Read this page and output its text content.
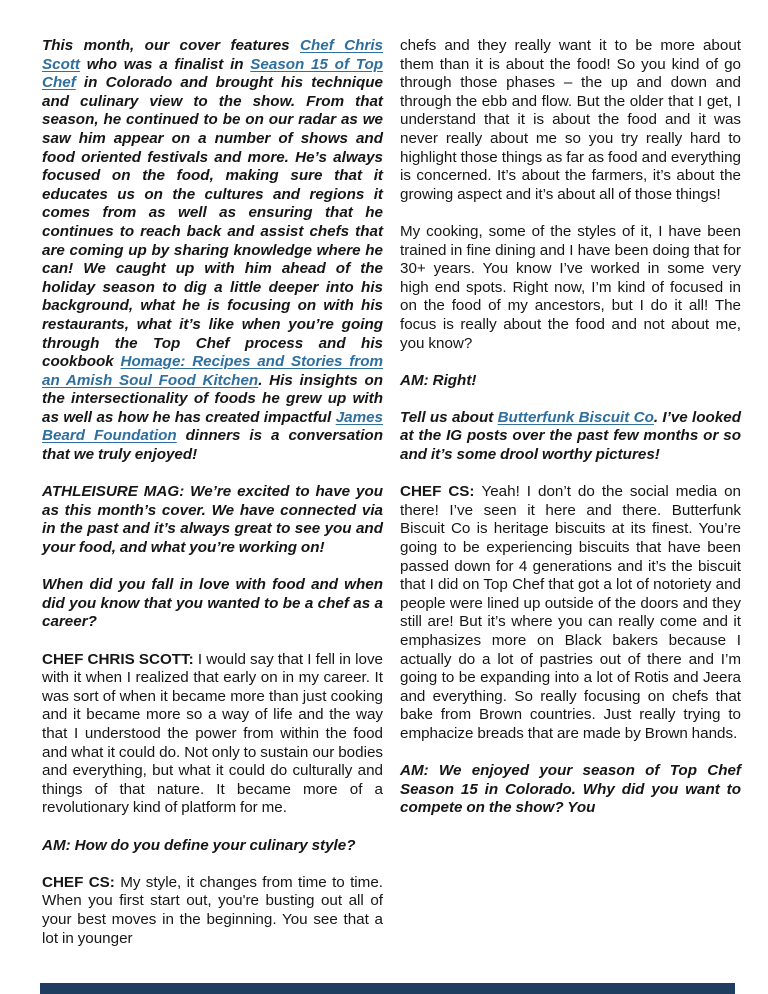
This month, our cover features Chef Chris Scott who was a finalist in Season 15 of Top Chef in Colorado and brought his technique and culinary view to the show. From that season, he continued to be on our radar as we saw him appear on a number of shows and food oriented festivals and more. He’s always focused on the food, making sure that it educates us on the cultures and regions it comes from as well as ensuring that he continues to reach back and assist chefs that are coming up by sharing knowledge where he can! We caught up with him ahead of the holiday season to dig a little deeper into his background, what he is focusing on with his restaurants, what it’s like when you’re going through the Top Chef process and his cookbook Homage: Recipes and Stories from an Amish Soul Food Kitchen. His insights on the intersectionality of foods he grew up with as well as how he has created impactful James Beard Foundation dinners is a conversation that we truly enjoyed!

ATHLEISURE MAG: We’re excited to have you as this month’s cover. We have connected via in the past and it’s always great to see you and your food, and what you’re working on!

When did you fall in love with food and when did you know that you wanted to be a chef as a career?

CHEF CHRIS SCOTT: I would say that I fell in love with it when I realized that early on in my career. It was sort of when it became more than just cooking and it became more so a way of life and the way that I understood the power from within the food and what it could do. Not only to sustain our bodies and everything, but what it could do culturally and things of that nature. It became more of a revolutionary kind of platform for me.

AM: How do you define your culinary style?

CHEF CS: My style, it changes from time to time. When you first start out, you're busting out all of your best moves in the beginning. You see that a lot in younger

chefs and they really want it to be more about them than it is about the food! So you kind of go through those phases – the up and down and through the ebb and flow. But the older that I get, I understand that it is about the food and it was never really about me so you try really hard to highlight those things as far as food and everything is concerned. It’s about the farmers, it’s about the growing aspect and it’s about all of those things!

My cooking, some of the styles of it, I have been trained in fine dining and I have been doing that for 30+ years. You know I’ve worked in some very high end spots. Right now, I’m kind of focused in on the food of my ancestors, but I do it all! The focus is really about the food and not about me, you know?

AM: Right!

Tell us about Butterfunk Biscuit Co. I’ve looked at the IG posts over the past few months or so and it’s some drool worthy pictures!

CHEF CS: Yeah! I don’t do the social media on there! I’ve seen it here and there. Butterfunk Biscuit Co is heritage biscuits at its finest. You’re going to be experiencing biscuits that have been passed down for 4 generations and it’s the biscuit that I did on Top Chef that got a lot of notoriety and people were lined up outside of the doors and they still are! But it’s where you can really come and it emphasizes more on Black bakers because I actually do a lot of pastries out of there and I’m going to be expanding into a lot of Rotis and Jeera and everything. So really focusing on chefs that bake from Brown countries. Just really trying to emphacize breads that are made by Brown hands.

AM: We enjoyed your season of Top Chef Season 15 in Colorado. Why did you want to compete on the show? You
